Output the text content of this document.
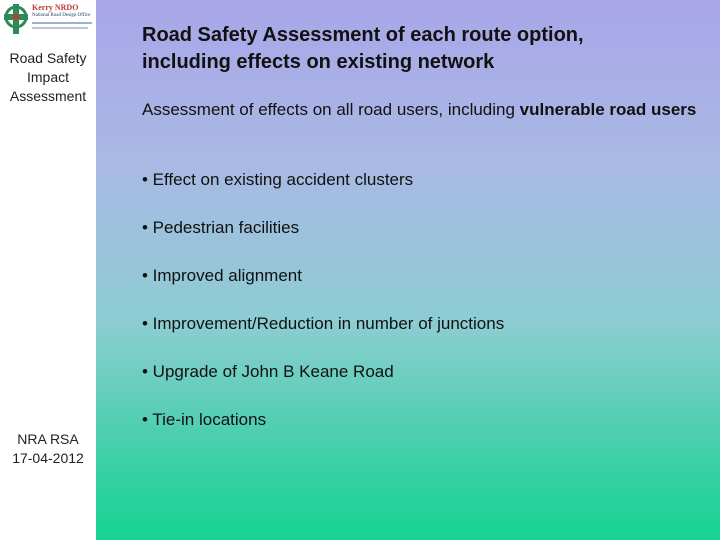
Kerry NRDO
National Road Design Office
Road Safety
Impact
Assessment
NRA RSA
17-04-2012
Road Safety Assessment of each route option,
including effects on existing network
Assessment of effects on all road users, including vulnerable road users
• Effect on existing accident clusters
• Pedestrian facilities
• Improved alignment
• Improvement/Reduction in number of junctions
• Upgrade of John B Keane Road
• Tie-in locations
